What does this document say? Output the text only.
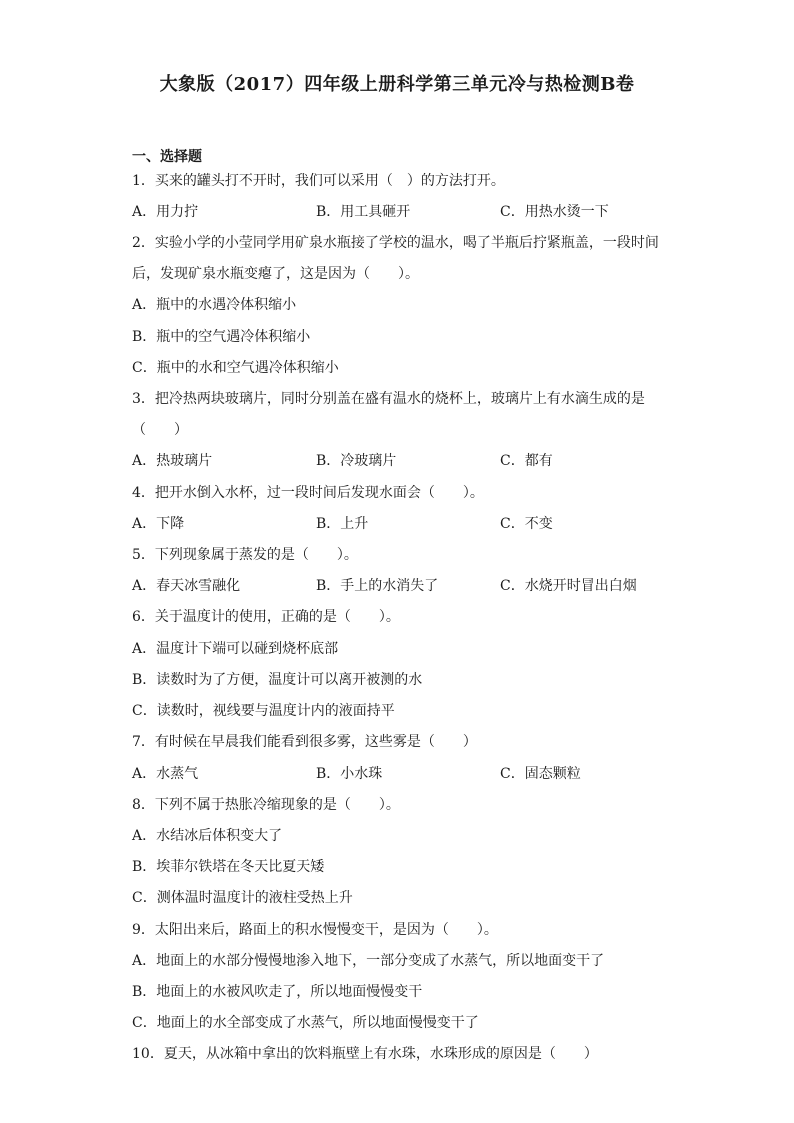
大象版（2017）四年级上册科学第三单元冷与热检测B卷
一、选择题
1．买来的罐头打不开时，我们可以采用（　）的方法打开。
A．用力拧	B．用工具砸开	C．用热水烫一下
2．实验小学的小莹同学用矿泉水瓶接了学校的温水，喝了半瓶后拧紧瓶盖，一段时间
后，发现矿泉水瓶变瘪了，这是因为（　　）。
A．瓶中的水遇冷体积缩小
B．瓶中的空气遇冷体积缩小
C．瓶中的水和空气遇冷体积缩小
3．把冷热两块玻璃片，同时分别盖在盛有温水的烧杯上，玻璃片上有水滴生成的是
（　　）
A．热玻璃片	B．冷玻璃片	C．都有
4．把开水倒入水杯，过一段时间后发现水面会（　　）。
A．下降	B．上升	C．不变
5．下列现象属于蒸发的是（　　）。
A．春天冰雪融化	B．手上的水消失了	C．水烧开时冒出白烟
6．关于温度计的使用，正确的是（　　）。
A．温度计下端可以碰到烧杯底部
B．读数时为了方便，温度计可以离开被测的水
C．读数时，视线要与温度计内的液面持平
7．有时候在早晨我们能看到很多雾，这些雾是（　　）
A．水蒸气	B．小水珠	C．固态颗粒
8．下列不属于热胀冷缩现象的是（　　）。
A．水结冰后体积变大了
B．埃菲尔铁塔在冬天比夏天矮
C．测体温时温度计的液柱受热上升
9．太阳出来后，路面上的积水慢慢变干，是因为（　　）。
A．地面上的水部分慢慢地渗入地下，一部分变成了水蒸气，所以地面变干了
B．地面上的水被风吹走了，所以地面慢慢变干
C．地面上的水全部变成了水蒸气，所以地面慢慢变干了
10．夏天，从冰箱中拿出的饮料瓶壁上有水珠，水珠形成的原因是（　　）
